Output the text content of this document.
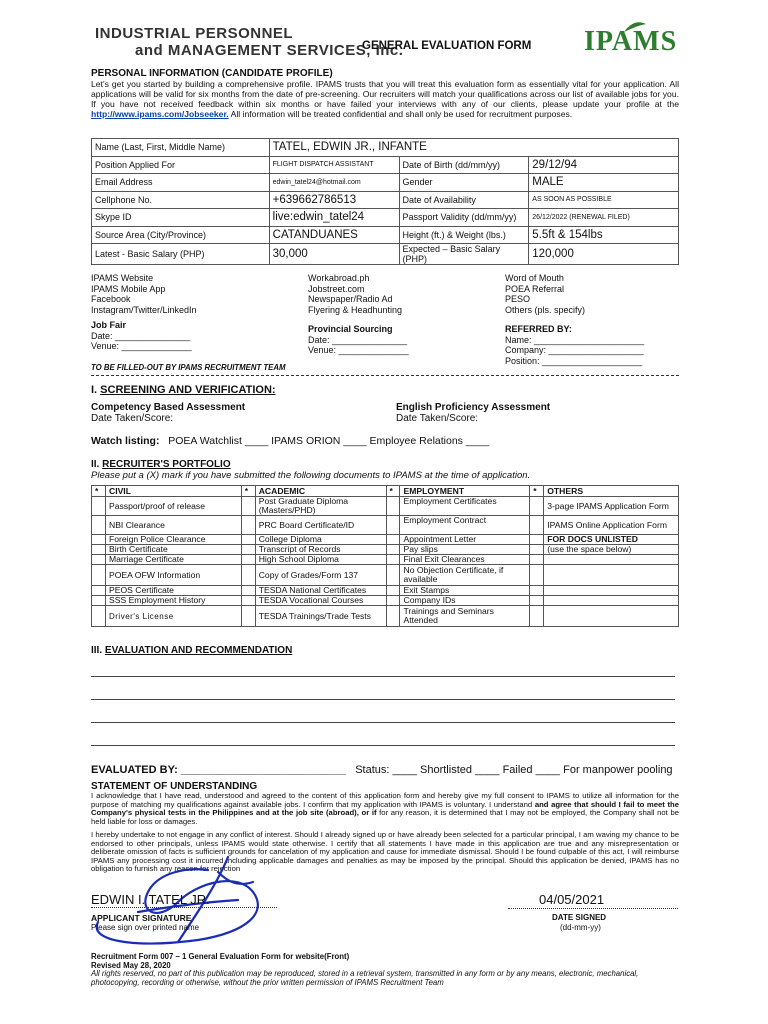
INDUSTRIAL PERSONNEL
and MANAGEMENT SERVICES, Inc.
GENERAL EVALUATION FORM IPAMS
PERSONAL INFORMATION (CANDIDATE PROFILE)
Let's get you started by building a comprehensive profile. IPAMS trusts that you will treat this evaluation form as essentially vital for your application. All applications will be valid for six months from the date of pre-screening. Our recruiters will match your qualifications across our list of available jobs for you. If you have not received feedback within six months or have failed your interviews with any of our clients, please update your profile at the http://www.ipams.com/Jobseeker. All information will be treated confidential and shall only be used for recruitment purposes.
Name (Last, First, Middle Name)	TATEL, EDWIN JR., INFANTE		
Position Applied For	FLIGHT DISPATCH ASSISTANT	Date of Birth (dd/mm/yy)	29/12/94
Email Address	edwin_tatel24@hotmail.com	Gender	MALE
Cellphone No.	+639662786513	Date of Availability	AS SOON AS POSSIBLE
Skype ID	live:edwin_tatel24	Passport Validity (dd/mm/yy)	26/12/2022 (RENEWAL FILED)
Source Area (City/Province)	CATANDUANES	Height (ft.) & Weight (lbs.)	5.5ft & 154lbs
Latest - Basic Salary (PHP)	30,000	Expected – Basic Salary (PHP)	120,000
IPAMS Website
IPAMS Mobile App
Facebook
Instagram/Twitter/LinkedIn
Workabroad.ph
Jobstreet.com
Newspaper/Radio Ad
Flyering & Headhunting
Word of Mouth
POEA Referral
PESO
Others (pls. specify)
Job Fair
Date: _______________
Venue: ______________
Provincial Sourcing
Date: _______________
Venue: ______________
REFERRED BY:
Name: ______________________
Company: ___________________
Position: ____________________
TO BE FILLED-OUT BY IPAMS RECRUITMENT TEAM
I. SCREENING AND VERIFICATION:
Competency Based Assessment
Date Taken/Score:
English Proficiency Assessment
Date Taken/Score:
Watch listing: POEA Watchlist ____ IPAMS ORION ____ Employee Relations ____
II. RECRUITER'S PORTFOLIO
Please put a (X) mark if you have submitted the following documents to IPAMS at the time of application.
*	CIVIL	*	ACADEMIC	*	EMPLOYMENT	*	OTHERS
	Passport/proof of release		Post Graduate Diploma (Masters/PHD)		Employment Certificates		3-page IPAMS Application Form
	NBI Clearance		PRC Board Certificate/ID		Employment Contract		IPAMS Online Application Form
	Foreign Police Clearance		College Diploma		Appointment Letter		FOR DOCS UNLISTED
	Birth Certificate		Transcript of Records		Pay slips		(use the space below)
	Marriage Certificate		High School Diploma		Final Exit Clearances		
	POEA OFW Information		Copy of Grades/Form 137		No Objection Certificate, if available		
	PEOS Certificate		TESDA National Certificates		Exit Stamps		
	SSS Employment History		TESDA Vocational Courses		Company IDs		
	Driver's License		TESDA Trainings/Trade Tests		Trainings and Seminars Attended		
III. EVALUATION AND RECOMMENDATION
EVALUATED BY: ___________________________ Status: ____ Shortlisted ____ Failed ____ For manpower pooling
STATEMENT OF UNDERSTANDING
I acknowledge that I have read, understood and agreed to the content of this application form and hereby give my full consent to IPAMS to utilize all information for the purpose of matching my qualifications against available jobs. I confirm that my application with IPAMS is voluntary. I understand and agree that should I fail to meet the Company's physical tests in the Philippines and at the job site (abroad), or if for any reason, it is determined that I may not be employed, the Company shall not be held liable for loss or damages.
I hereby undertake to not engage in any conflict of interest. Should I already signed up or have already been selected for a particular principal, I am waving my chance to be endorsed to other principals, unless IPAMS would state otherwise. I certify that all statements I have made in this application are true and any misrepresentation or deliberate omission of facts is sufficient grounds for cancelation of my application and cause for immediate dismissal. Should I be found culpable of this act, I will reimburse IPAMS any processing cost it incurred including applicable damages and penalties as may be imposed by the principal. Should this application be denied, IPAMS has no obligation to furnish any reason for rejection
EDWIN I. TATEL JR.
APPLICANT SIGNATURE
Please sign over printed name
04/05/2021
DATE SIGNED
(dd-mm-yy)
Recruitment Form 007 – 1 General Evaluation Form for website(Front)
Revised May 28, 2020
All rights reserved, no part of this publication may be reproduced, stored in a retrieval system, transmitted in any form or by any means, electronic, mechanical, photocopying, recording or otherwise, without the prior written permission of IPAMS Recruitment Team
